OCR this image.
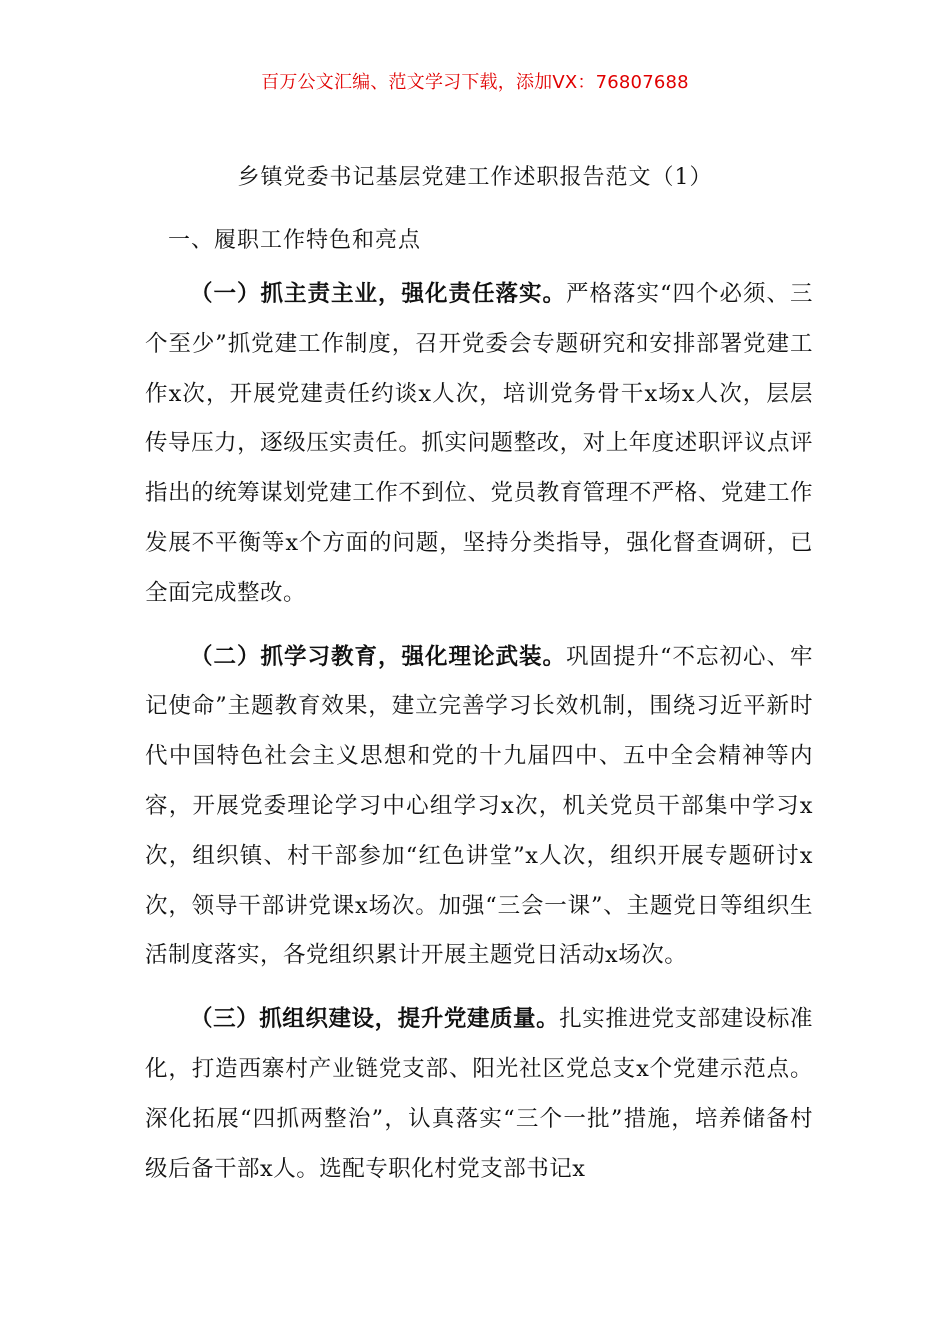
百万公文汇编、范文学习下载，添加VX：76807688
乡镇党委书记基层党建工作述职报告范文（1）
一、履职工作特色和亮点

（一）抓主责主业，强化责任落实。严格落实“四个必须、三个至少”抓党建工作制度，召开党委会专题研究和安排部署党建工作x次，开展党建责任约谈x人次，培训党务骨干x场x人次，层层传导压力，逐级压实责任。抓实问题整改，对上年度述职评议点评指出的统筹谋划党建工作不到位、党员教育管理不严格、党建工作发展不平衡等x个方面的问题，坚持分类指导，强化督查调研，已全面完成整改。

（二）抓学习教育，强化理论武装。巩固提升“不忘初心、牢记使命”主题教育效果，建立完善学习长效机制，围绕习近平新时代中国特色社会主义思想和党的十九届四中、五中全会精神等内容，开展党委理论学习中心组学习x次，机关党员干部集中学习x次，组织镇、村干部参加“红色讲堂”x人次，组织开展专题研讨x次，领导干部讲党课x场次。加强“三会一课”、主题党日等组织生活制度落实，各党组织累计开展主题党日活动x场次。

（三）抓组织建设，提升党建质量。扎实推进党支部建设标准化，打造西寨村产业链党支部、阳光社区党总支x个党建示范点。深化拓展“四抓两整治”，认真落实“三个一批”措施，培养储备村级后备干部x人。选配专职化村党支部书记x
